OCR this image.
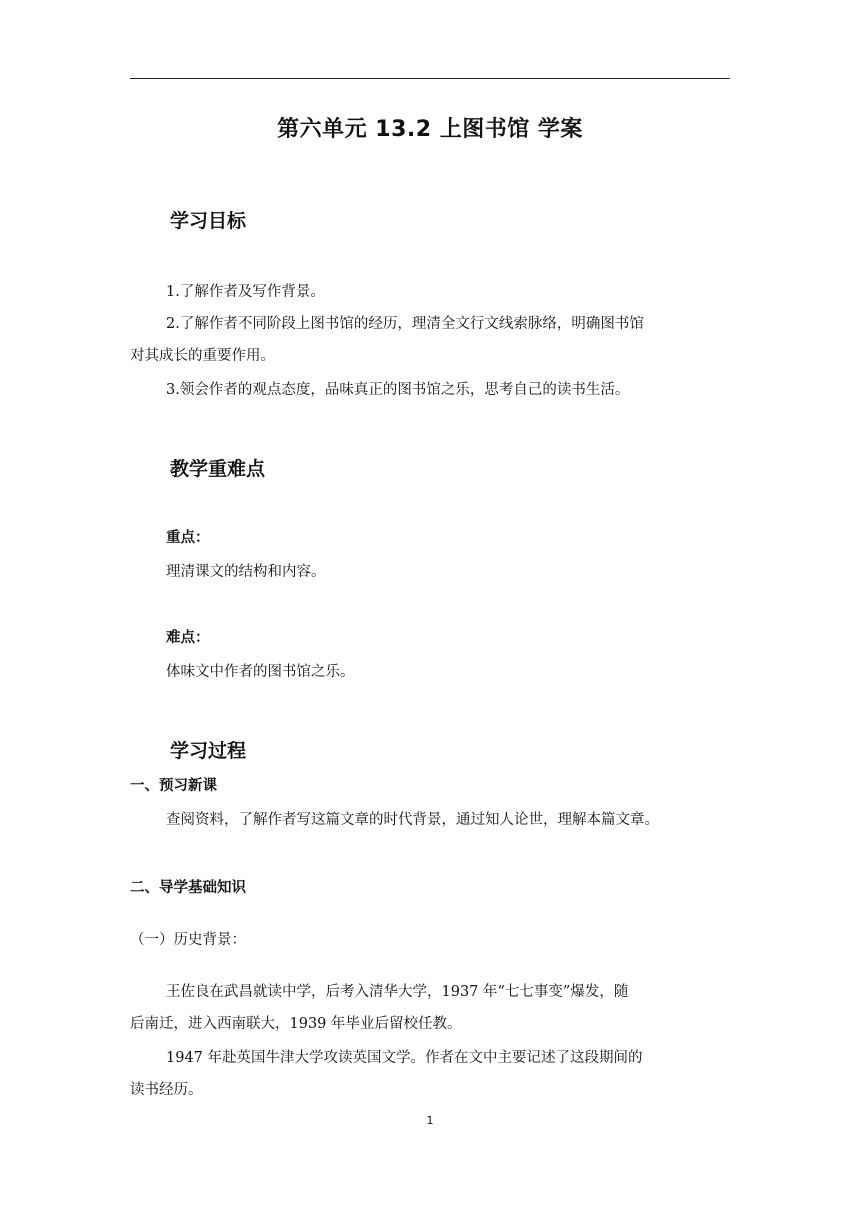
第六单元 13.2 上图书馆 学案
学习目标
1.了解作者及写作背景。
2.了解作者不同阶段上图书馆的经历，理清全文行文线索脉络，明确图书馆
对其成长的重要作用。
3.领会作者的观点态度，品味真正的图书馆之乐，思考自己的读书生活。
教学重难点
重点：
理清课文的结构和内容。
难点：
体味文中作者的图书馆之乐。
学习过程
一、预习新课
查阅资料，了解作者写这篇文章的时代背景，通过知人论世，理解本篇文章。
二、导学基础知识
（一）历史背景：
王佐良在武昌就读中学，后考入清华大学，1937 年“七七事变”爆发，随
后南迁，进入西南联大，1939 年毕业后留校任教。
1947 年赴英国牛津大学攻读英国文学。作者在文中主要记述了这段期间的
读书经历。
1
